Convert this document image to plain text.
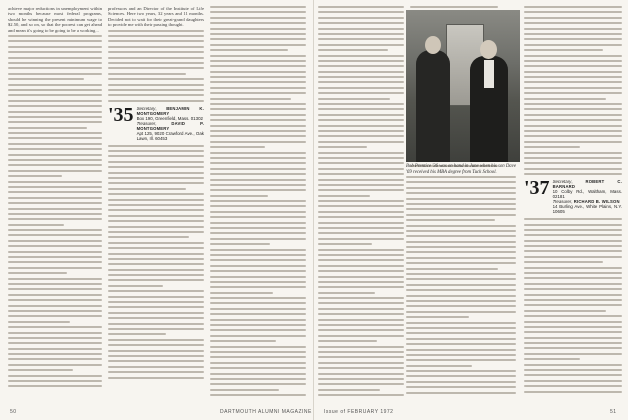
achieve major reductions in unemployment within two months because most federal programs, should he winning the present minimum wage to $2.50, and so on, so that the poorest can get ahead and mean it's going to be going to be a working...

professors and an Director of the Institute of Life Sciences. Here two years, 32 years and 11 months. Decided not to wait for their great-grand daughters to provide me with their passing thought.

'35 Secretary, BENJAMIN K. MONTGOMERY
Box 190, Greenfield, Mass. 01302
Treasurer, DAVID P. MONTGOMERY
Apt 125, 9020 Crawford Ave., Oak Lawn, Ill. 60453
50	DARTMOUTH ALUMNI MAGAZINE
'37 Secretary, ROBERT C. BARNARD
10 Colby Rd., Waltham, Mass. 02181
Treasurer, RICHARD B. WILSON
14 Burling Ave., White Plains, N.Y. 10605
Issue of FEBRUARY 1972	51
Bob Prentice '36 was on hand in June when his son Dave '69 received his MBA degree from Tuck School.
